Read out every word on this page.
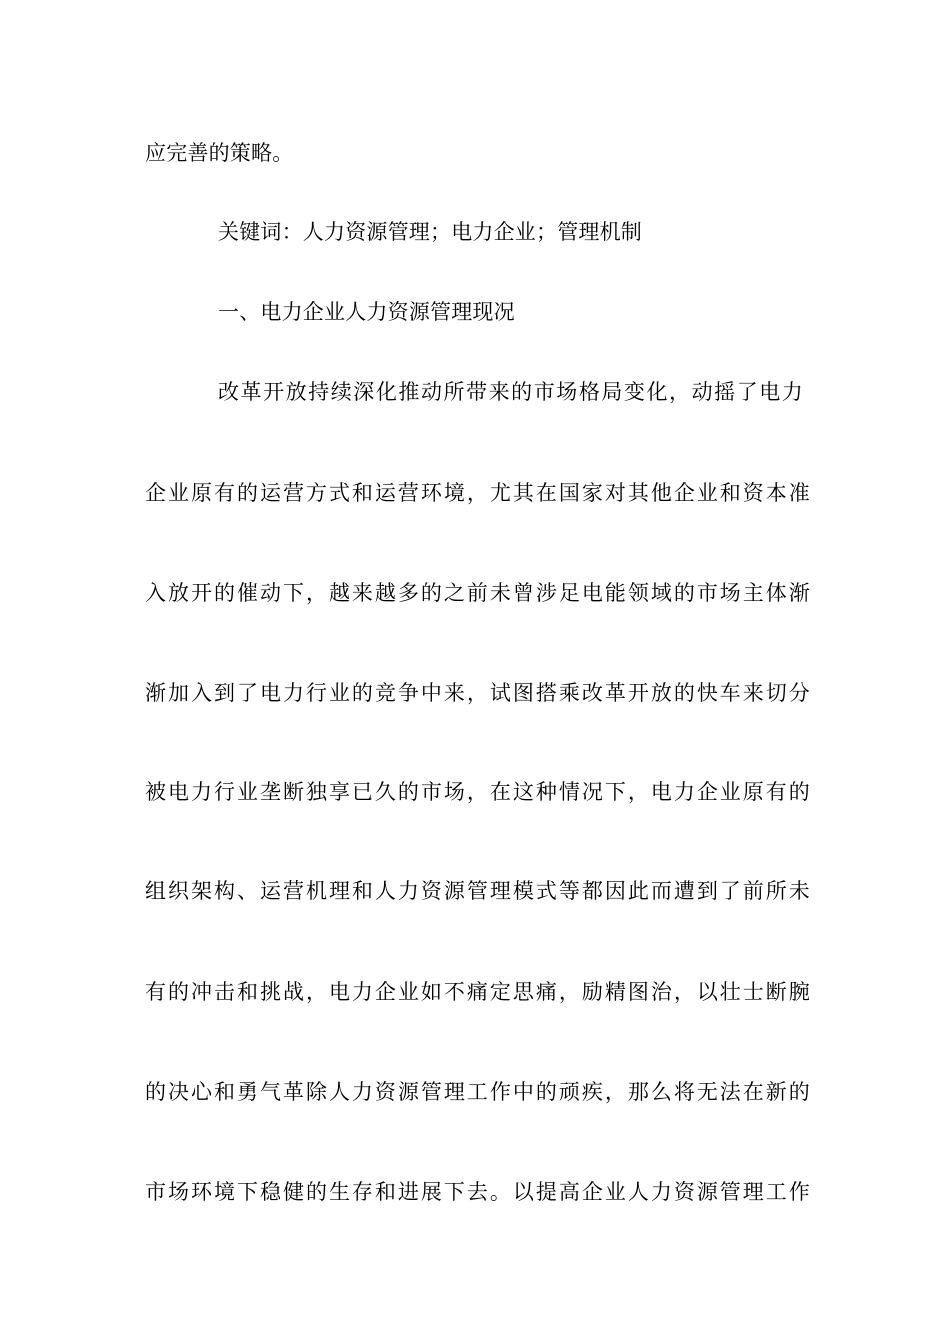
应完善的策略。
关键词：人力资源管理；电力企业；管理机制
一、电力企业人力资源管理现况
改革开放持续深化推动所带来的市场格局变化，动摇了电力
企业原有的运营方式和运营环境，尤其在国家对其他企业和资本准
入放开的催动下，越来越多的之前未曾涉足电能领域的市场主体渐
渐加入到了电力行业的竞争中来，试图搭乘改革开放的快车来切分
被电力行业垄断独享已久的市场，在这种情况下，电力企业原有的
组织架构、运营机理和人力资源管理模式等都因此而遭到了前所未
有的冲击和挑战，电力企业如不痛定思痛，励精图治，以壮士断腕
的决心和勇气革除人力资源管理工作中的顽疾，那么将无法在新的
市场环境下稳健的生存和进展下去。以提高企业人力资源管理工作
